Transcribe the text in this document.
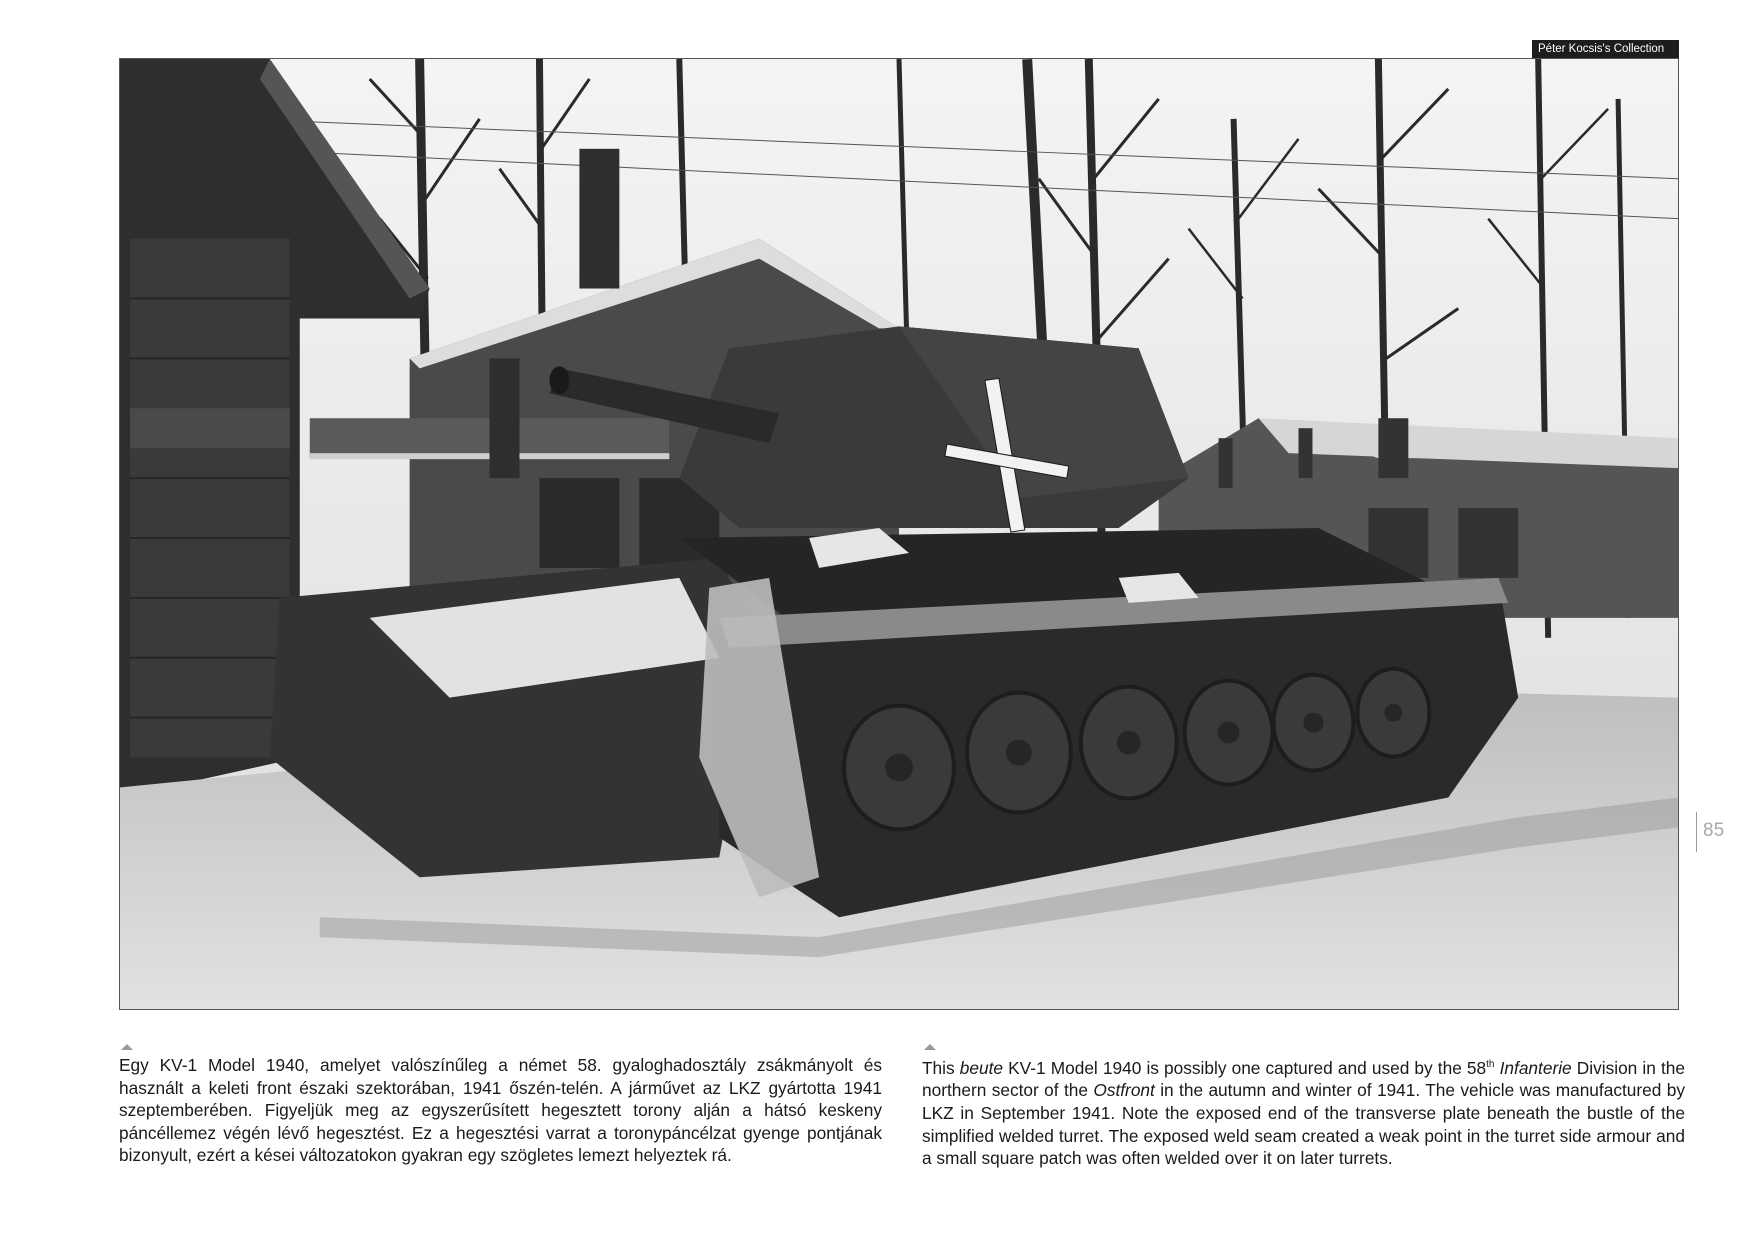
Péter Kocsis's Collection
85

Egy KV-1 Model 1940, amelyet valószínűleg a német 58. gyaloghadosztály zsákmányolt és használt a keleti front északi szektorában, 1941 őszén-telén. A járművet az LKZ gyártotta 1941 szeptemberében. Figyeljük meg az egyszerűsített hegesztett torony alján a hátsó keskeny páncéllemez végén lévő hegesztést. Ez a hegesztési varrat a toronypáncélzat gyenge pontjának bizonyult, ezért a kései változatokon gyakran egy szögletes lemezt helyeztek rá.

This beute KV-1 Model 1940 is possibly one captured and used by the 58th Infanterie Division in the northern sector of the Ostfront in the autumn and winter of 1941. The vehicle was manufactured by LKZ in September 1941. Note the exposed end of the transverse plate beneath the bustle of the simplified welded turret. The exposed weld seam created a weak point in the turret side armour and a small square patch was often welded over it on later turrets.
